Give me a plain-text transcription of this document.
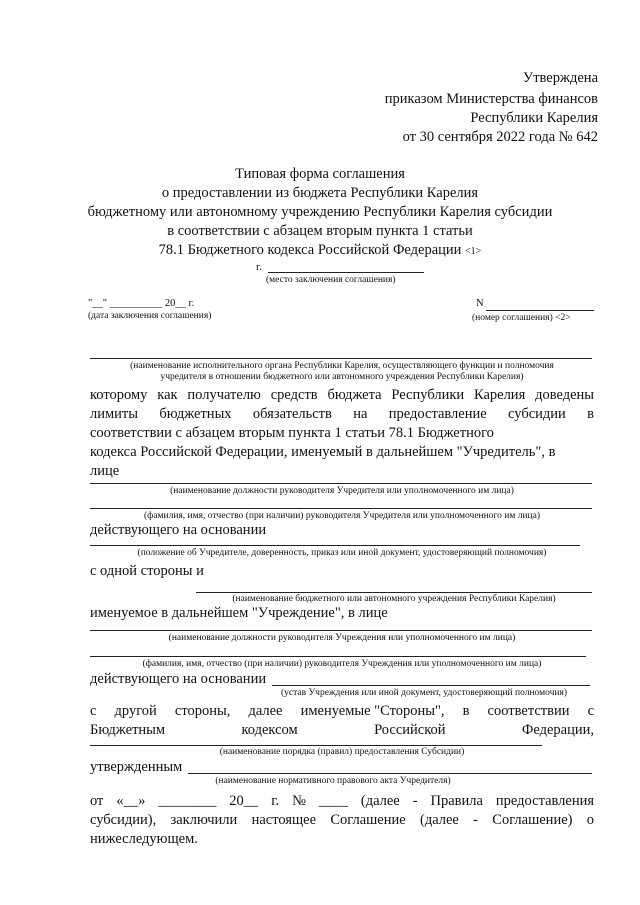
Утверждена
приказом Министерства финансов
Республики Карелия
от 30 сентября 2022 года № 642
Типовая форма соглашения
о предоставлении из бюджета Республики Карелия
бюджетному или автономному учреждению Республики Карелия субсидии
в соответствии с абзацем вторым пункта 1 статьи
78.1 Бюджетного кодекса Российской Федерации <1>
г.
(место заключения соглашения)
"__" __________ 20__ г.
(дата заключения соглашения)
N
(номер соглашения) <2>
(наименование исполнительного органа Республики Карелия, осуществляющего функции и полномочия
учредителя в отношении бюджетного или автономного учреждения Республики Карелия)
которому как получателю средств бюджета Республики Карелия доведены
лимиты бюджетных обязательств на предоставление субсидии в
соответствии с абзацем вторым пункта 1 статьи 78.1 Бюджетного
кодекса Российской Федерации, именуемый в дальнейшем "Учредитель", в
лице
(наименование должности руководителя Учредителя или уполномоченного им лица)
(фамилия, имя, отчество (при наличии) руководителя Учредителя или уполномоченного им лица)
действующего на основании
(положение об Учредителе, доверенность, приказ или иной документ, удостоверяющий полномочия)
с одной стороны и
(наименование бюджетного или автономного учреждения Республики Карелия)
именуемое в дальнейшем "Учреждение", в лице
(наименование должности руководителя Учреждения или уполномоченного им лица)
(фамилия, имя, отчество (при наличии) руководителя Учреждения или уполномоченного им лица)
действующего на основании
(устав Учреждения или иной документ, удостоверяющий полномочия)
с другой стороны, далее именуемые "Стороны", в соответствии с
Бюджетным	кодексом	Российской	Федерации,
(наименование порядка (правил) предоставления Субсидии)
утвержденным
(наименование нормативного правового акта Учредителя)
от «__» ________ 20__ г. № ____ (далее - Правила предоставления
субсидии), заключили настоящее Соглашение (далее - Соглашение) о
нижеследующем.
